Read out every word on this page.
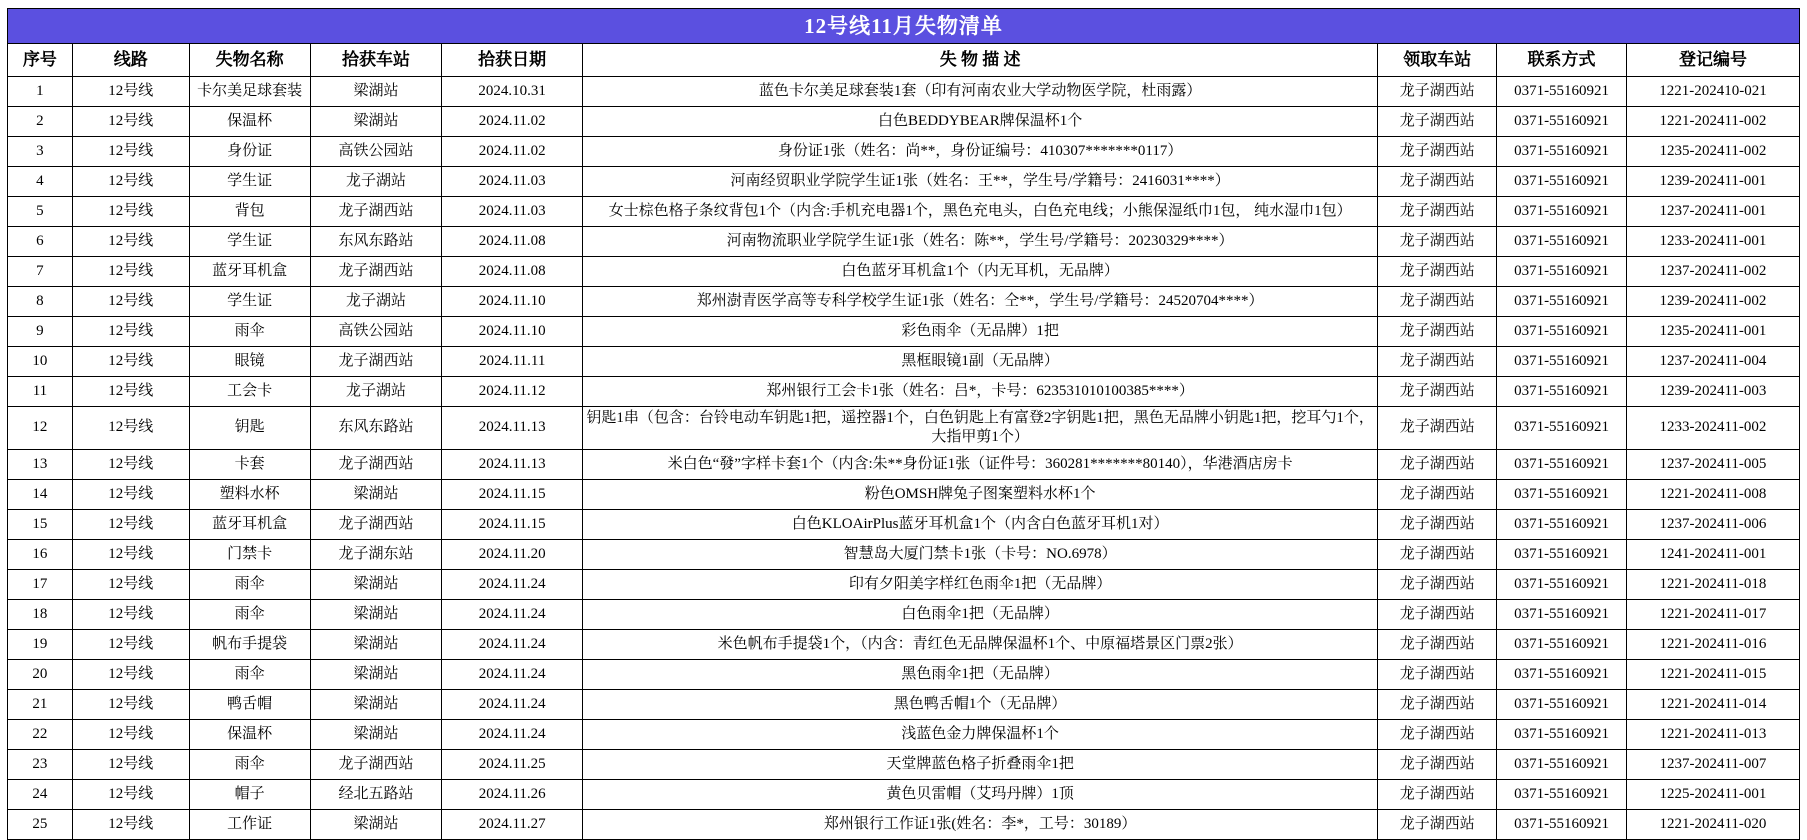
12号线11月失物清单								
序号	线路	失物名称	拾获车站	拾获日期	失 物 描 述	领取车站	联系方式	登记编号
1	12号线	卡尔美足球套装	梁湖站	2024.10.31	蓝色卡尔美足球套装1套（印有河南农业大学动物医学院，杜雨露）	龙子湖西站	0371-55160921	1221-202410-021
2	12号线	保温杯	梁湖站	2024.11.02	白色BEDDYBEAR牌保温杯1个	龙子湖西站	0371-55160921	1221-202411-002
3	12号线	身份证	高铁公园站	2024.11.02	身份证1张（姓名：尚**，身份证编号：410307*******0117）	龙子湖西站	0371-55160921	1235-202411-002
4	12号线	学生证	龙子湖站	2024.11.03	河南经贸职业学院学生证1张（姓名：王**，学生号/学籍号：2416031****）	龙子湖西站	0371-55160921	1239-202411-001
5	12号线	背包	龙子湖西站	2024.11.03	女士棕色格子条纹背包1个（内含:手机充电器1个，黑色充电头，白色充电线；小熊保湿纸巾1包， 纯水湿巾1包）	龙子湖西站	0371-55160921	1237-202411-001
6	12号线	学生证	东风东路站	2024.11.08	河南物流职业学院学生证1张（姓名：陈**，学生号/学籍号：20230329****）	龙子湖西站	0371-55160921	1233-202411-001
7	12号线	蓝牙耳机盒	龙子湖西站	2024.11.08	白色蓝牙耳机盒1个（内无耳机，无品牌）	龙子湖西站	0371-55160921	1237-202411-002
8	12号线	学生证	龙子湖站	2024.11.10	郑州澍青医学高等专科学校学生证1张（姓名：仝**，学生号/学籍号：24520704****）	龙子湖西站	0371-55160921	1239-202411-002
9	12号线	雨伞	高铁公园站	2024.11.10	彩色雨伞（无品牌）1把	龙子湖西站	0371-55160921	1235-202411-001
10	12号线	眼镜	龙子湖西站	2024.11.11	黑框眼镜1副（无品牌）	龙子湖西站	0371-55160921	1237-202411-004
11	12号线	工会卡	龙子湖站	2024.11.12	郑州银行工会卡1张（姓名：吕*，卡号：623531010100385****）	龙子湖西站	0371-55160921	1239-202411-003
12	12号线	钥匙	东风东路站	2024.11.13	钥匙1串（包含：台铃电动车钥匙1把，遥控器1个，白色钥匙上有富登2字钥匙1把，黑色无品牌小钥匙1把，挖耳勺1个，大指甲剪1个）	龙子湖西站	0371-55160921	1233-202411-002
13	12号线	卡套	龙子湖西站	2024.11.13	米白色“發”字样卡套1个（内含:朱**身份证1张（证件号：360281*******80140），华港酒店房卡	龙子湖西站	0371-55160921	1237-202411-005
14	12号线	塑料水杯	梁湖站	2024.11.15	粉色OMSH牌兔子图案塑料水杯1个	龙子湖西站	0371-55160921	1221-202411-008
15	12号线	蓝牙耳机盒	龙子湖西站	2024.11.15	白色KLOAirPlus蓝牙耳机盒1个（内含白色蓝牙耳机1对）	龙子湖西站	0371-55160921	1237-202411-006
16	12号线	门禁卡	龙子湖东站	2024.11.20	智慧岛大厦门禁卡1张（卡号：NO.6978）	龙子湖西站	0371-55160921	1241-202411-001
17	12号线	雨伞	梁湖站	2024.11.24	印有夕阳美字样红色雨伞1把（无品牌）	龙子湖西站	0371-55160921	1221-202411-018
18	12号线	雨伞	梁湖站	2024.11.24	白色雨伞1把（无品牌）	龙子湖西站	0371-55160921	1221-202411-017
19	12号线	帆布手提袋	梁湖站	2024.11.24	米色帆布手提袋1个，（内含：青红色无品牌保温杯1个、中原福塔景区门票2张）	龙子湖西站	0371-55160921	1221-202411-016
20	12号线	雨伞	梁湖站	2024.11.24	黑色雨伞1把（无品牌）	龙子湖西站	0371-55160921	1221-202411-015
21	12号线	鸭舌帽	梁湖站	2024.11.24	黑色鸭舌帽1个（无品牌）	龙子湖西站	0371-55160921	1221-202411-014
22	12号线	保温杯	梁湖站	2024.11.24	浅蓝色金力牌保温杯1个	龙子湖西站	0371-55160921	1221-202411-013
23	12号线	雨伞	龙子湖西站	2024.11.25	天堂牌蓝色格子折叠雨伞1把	龙子湖西站	0371-55160921	1237-202411-007
24	12号线	帽子	经北五路站	2024.11.26	黄色贝雷帽（艾玛丹牌）1顶	龙子湖西站	0371-55160921	1225-202411-001
25	12号线	工作证	梁湖站	2024.11.27	郑州银行工作证1张(姓名：李*，工号：30189）	龙子湖西站	0371-55160921	1221-202411-020
